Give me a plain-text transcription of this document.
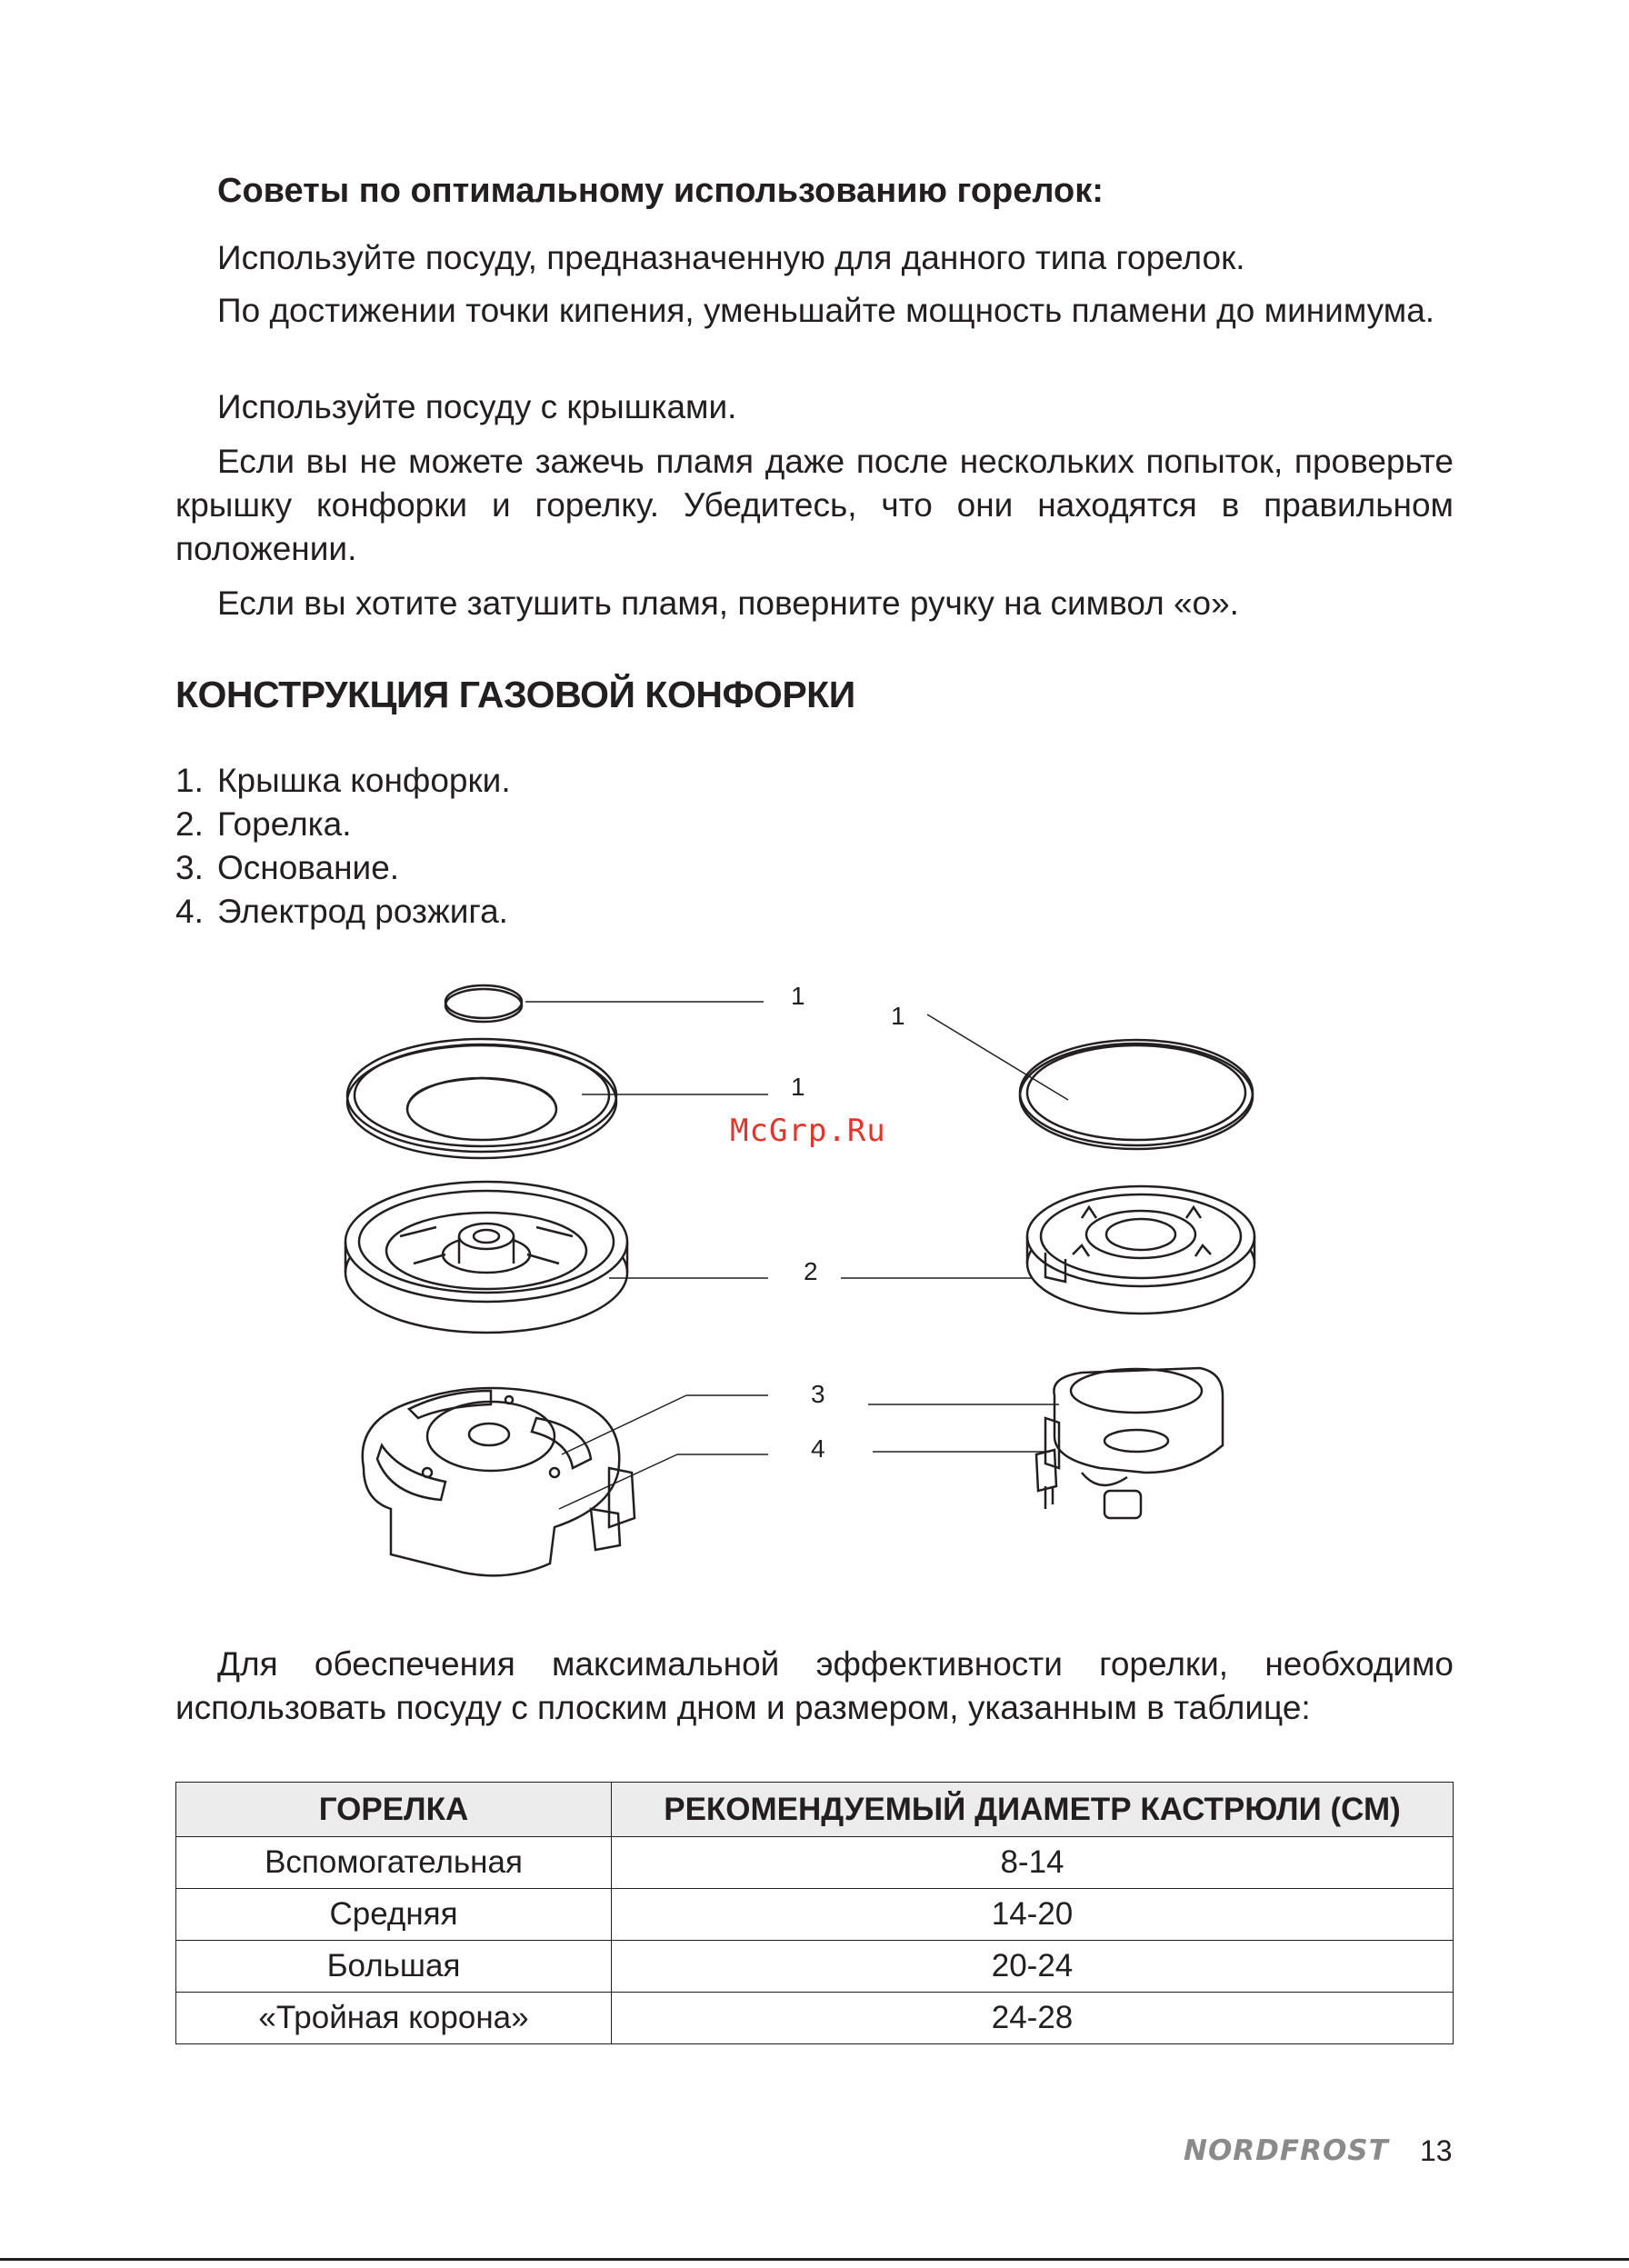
Советы по оптимальному использованию горелок:

Используйте посуду, предназначенную для данного типа горелок.

По достижении точки кипения, уменьшайте мощность пламени до минимума.

Используйте посуду с крышками.

Если вы не можете зажечь пламя даже после нескольких попыток, проверьте крышку конфорки и горелку. Убедитесь, что они находятся в правильном положении.

Если вы хотите затушить пламя, поверните ручку на символ «о».

КОНСТРУКЦИЯ ГАЗОВОЙ КОНФОРКИ
1. Крышка конфорки.
2. Горелка.
3. Основание.
4. Электрод розжига.
1
1
1
2
3
4
McGrp.Ru

Для обеспечения максимальной эффективности горелки, необходимо использовать посуду с плоским дном и размером, указанным в таблице:

ГОРЕЛКА	РЕКОМЕНДУЕМЫЙ ДИАМЕТР КАСТРЮЛИ (СМ)
Вспомогательная	8-14
Средняя	14-20
Большая	20-24
«Тройная корона»	24-28
NORDFROST 13
